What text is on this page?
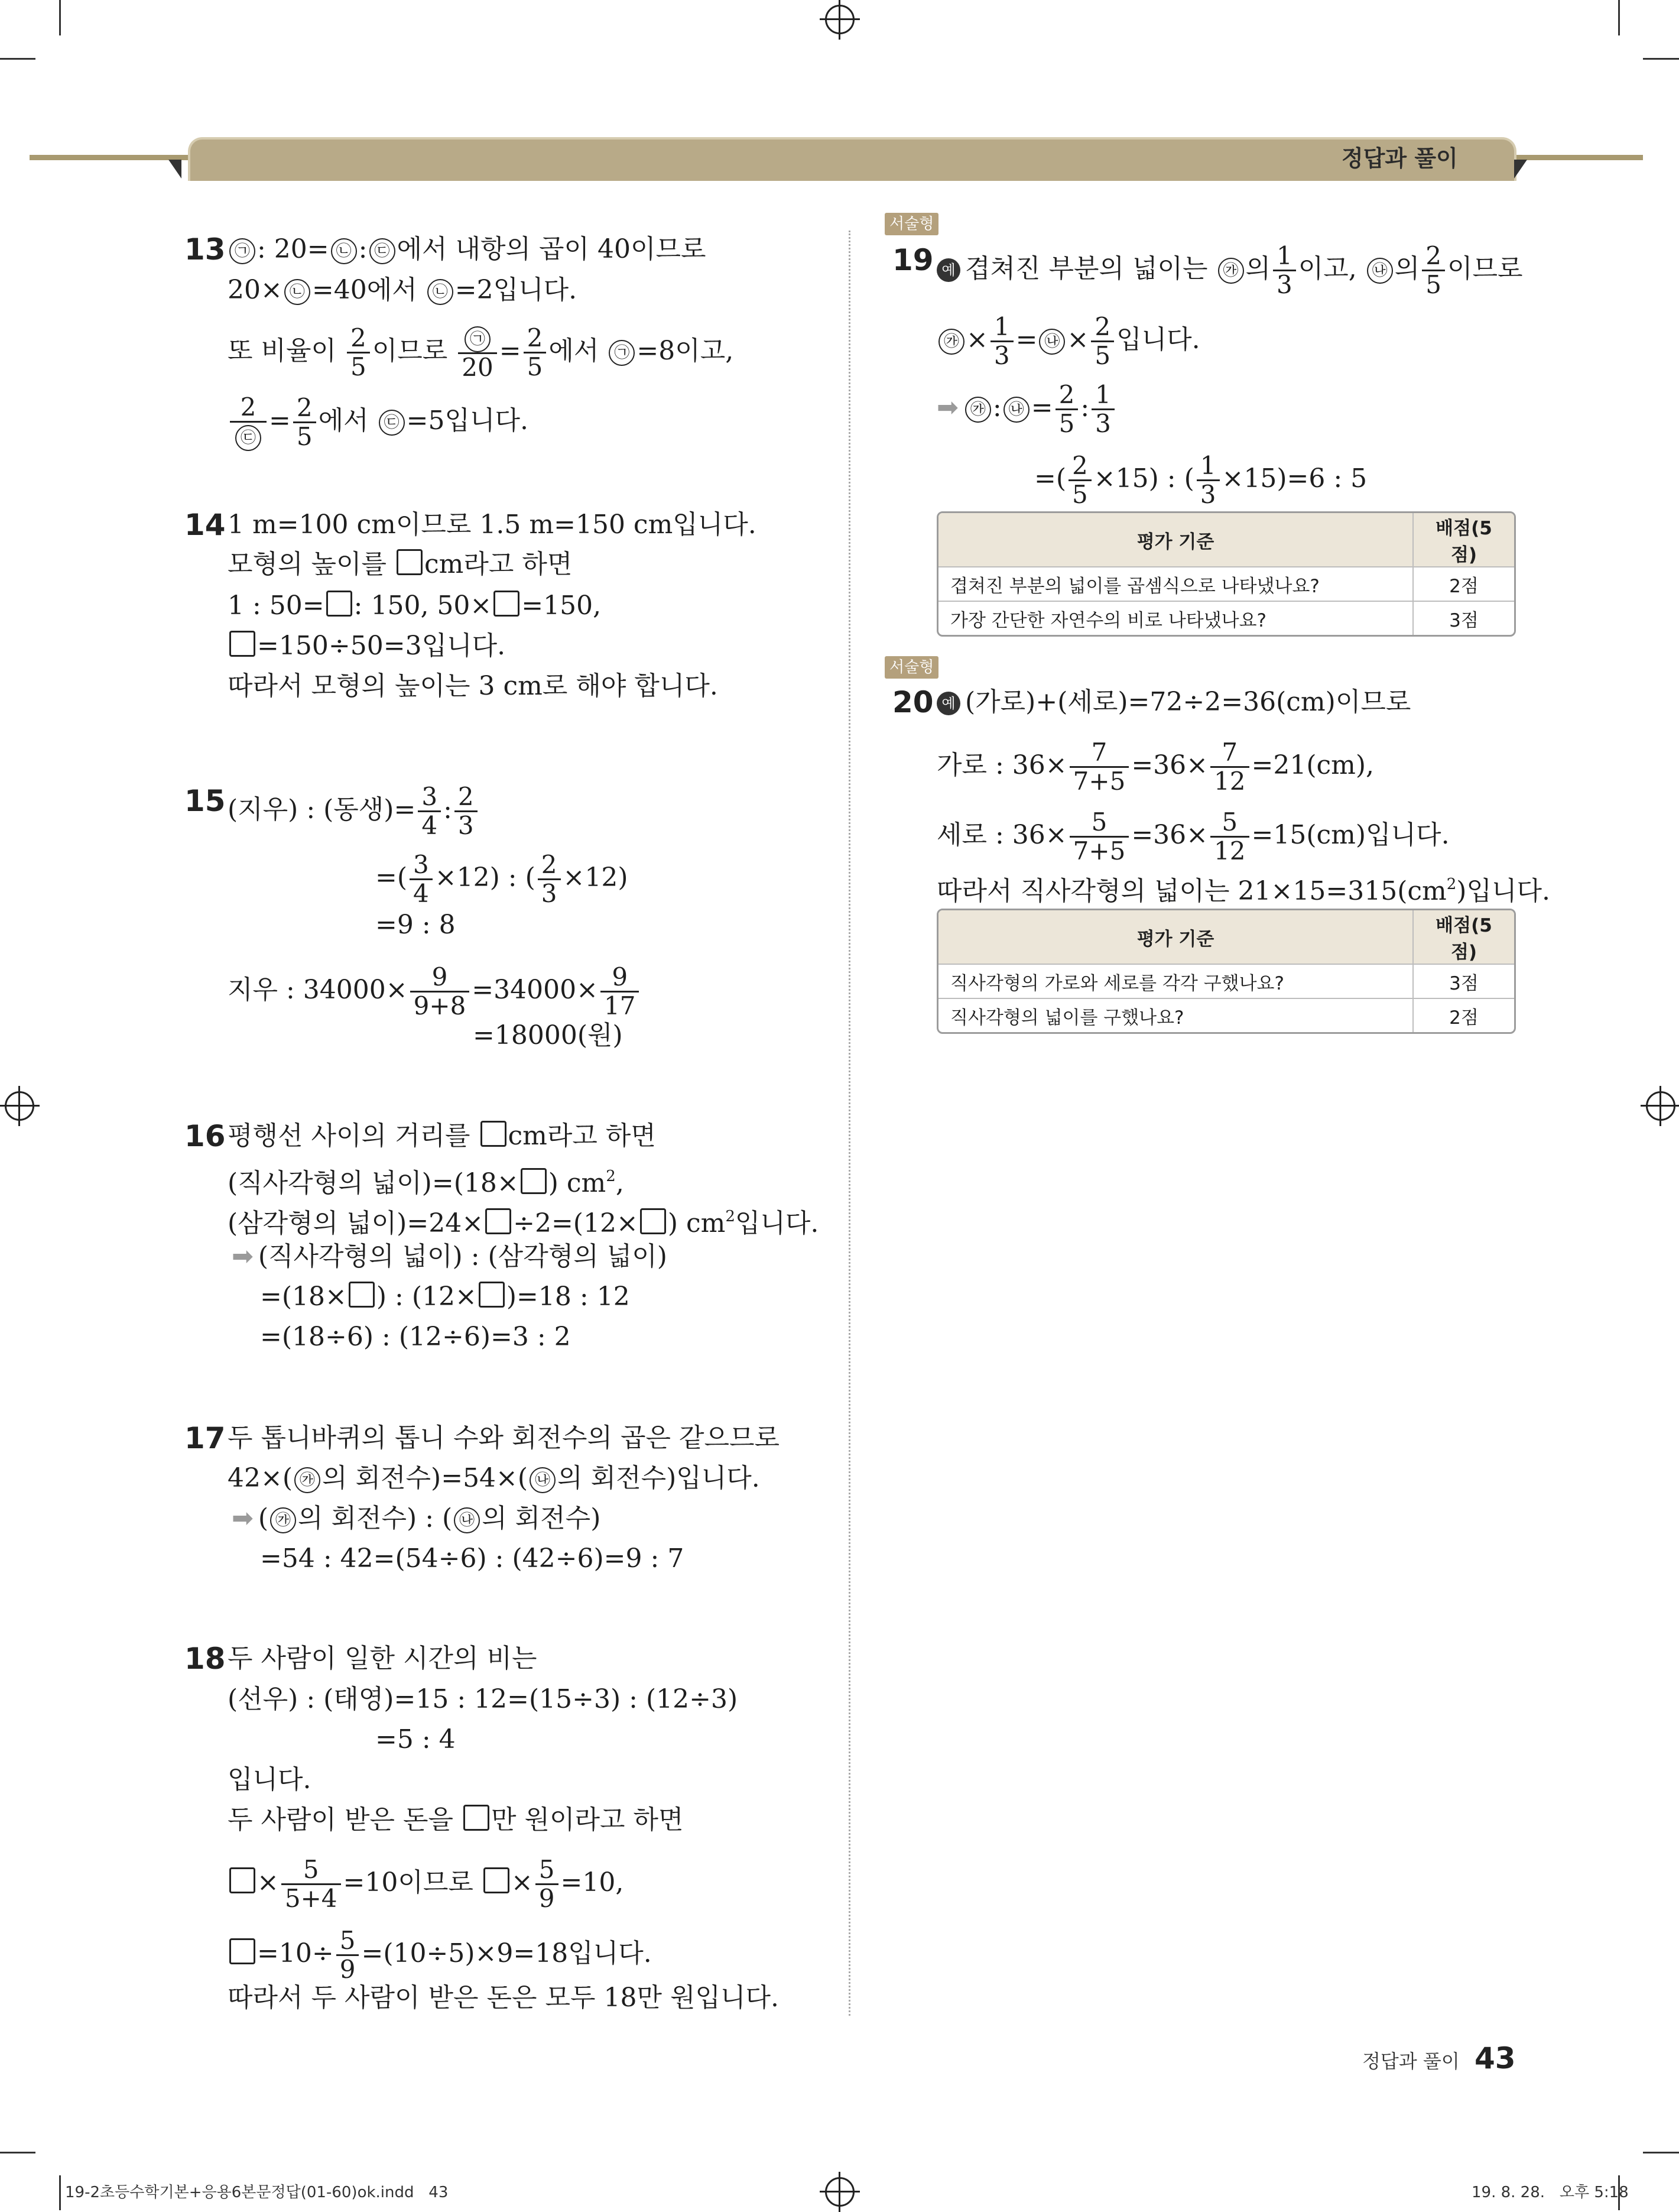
정답과 풀이
13 ㉠ : 20= ㉡ : ㉢ 에서 내항의 곱이 40이므로
20× ㉡ =40에서 ㉡ =2입니다.
또 비율이 $\frac{2}{5}$ 이므로 $\frac{㉠}{20} = \frac{2}{5}$ 에서 ㉠ =8이고,
$\frac{2}{㉢} = \frac{2}{5}$ 에서 ㉢ =5입니다.
14 1 m=100 cm이므로 1.5 m=150 cm입니다.
모형의 높이를 cm라고 하면
1 : 50= : 150, 50× =150,
=150÷50=3입니다.
따라서 모형의 높이는 3 cm로 해야 합니다.
15 (지우) : (동생)= $\frac{3}{4}$ : $\frac{2}{3}$
=( $\frac{3}{4} \times 12$) : ( $\frac{2}{3} \times 12$)
=9 : 8
지우 : $34000\times \frac{9}{9+8} =34000\times \frac{9}{17}$
=18000(원)
16 평행선 사이의 거리를 cm라고 하면
(직사각형의 넓이)=(18× ) $cm^2$,
(삼각형의 넓이)=24× ÷2=(12× ) $cm^2$입니다.
➡ (직사각형의 넓이) : (삼각형의 넓이)
=(18× ) : (12× )=18 : 12
=(18÷6) : (12÷6)=3 : 2
17 두 톱니바퀴의 톱니 수와 회전수의 곱은 같으므로
42×( ㉮ 의 회전수)=54×( ㉯ 의 회전수)입니다.
➡ ( ㉮ 의 회전수) : ( ㉯ 의 회전수)
=54 : 42=(54÷6) : (42÷6)=9 : 7
18 두 사람이 일한 시간의 비는
(선우) : (태영)=15 : 12=(15÷3) : (12÷3)
=5 : 4
입니다.
두 사람이 받은 돈을 만 원이라고 하면
× $\frac{5}{5+4} =10$이므로 × $\frac{5}{9} =10$,
$=10\div \frac{5}{9} =(10\div 5)\times 9=18$입니다.
따라서 두 사람이 받은 돈은 모두 18만 원입니다.
서술형
19 예 겹쳐진 부분의 넓이는 ㉮ 의 $\frac{1}{3}$ 이고, ㉯ 의 $\frac{2}{5}$ 이므로
㉮ × $\frac{1}{3}$ = ㉯ × $\frac{2}{5}$ 입니다.
➡ ㉮ : ㉯ = $\frac{2}{5}$ : $\frac{1}{3}$
=( $\frac{2}{5} \times 15$) : ( $\frac{1}{3} \times 15)=6$ : 5
평가 기준	배점(5점)
겹쳐진 부분의 넓이를 곱셈식으로 나타냈나요?	2점
가장 간단한 자연수의 비로 나타냈나요?	3점
서술형
20 예 (가로)+(세로)=72÷2=36(cm)이므로
가로 : $36\times \frac{7}{7+5} =36\times \frac{7}{12} =21(cm)$,
세로 : $36\times \frac{5}{7+5} =36\times \frac{5}{12} =15(cm)$입니다.
따라서 직사각형의 넓이는 $21\times 15=315(cm^2)$입니다.
평가 기준	배점(5점)
직사각형의 가로와 세로를 각각 구했나요?	3점
직사각형의 넓이를 구했나요?	2점
정답과 풀이 43
19-2초등수학기본+응용6본문정답(01-60)ok.indd   43	19. 8. 28.   오후 5:18
